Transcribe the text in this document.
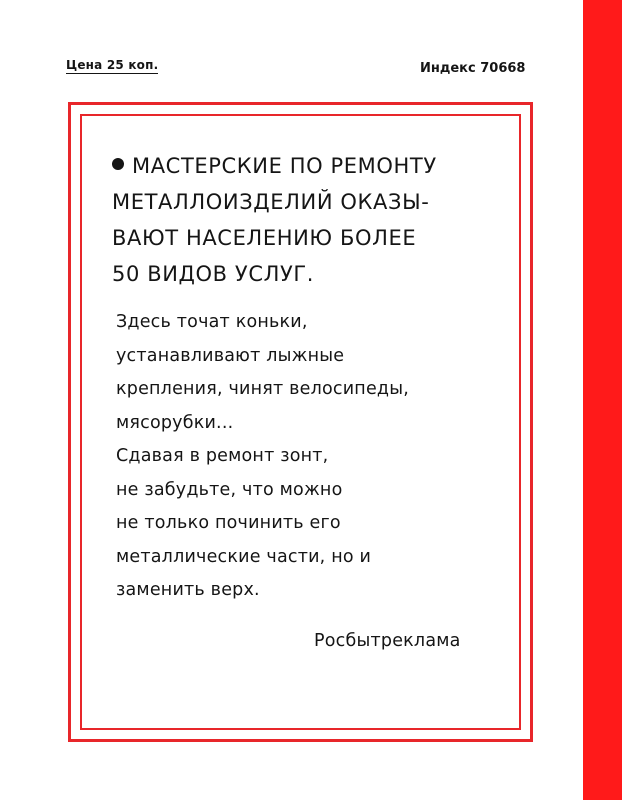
Цена 25 коп.	Индекс 70668
МАСТЕРСКИЕ ПО РЕМОНТУ
МЕТАЛЛОИЗДЕЛИЙ ОКАЗЫ-
ВАЮТ НАСЕЛЕНИЮ БОЛЕЕ
50 ВИДОВ УСЛУГ.

Здесь точат коньки,
устанавливают лыжные
крепления, чинят велосипеды,
мясорубки...
Сдавая в ремонт зонт,
не забудьте, что можно
не только починить его
металлические части, но и
заменить верх.

Росбытреклама
